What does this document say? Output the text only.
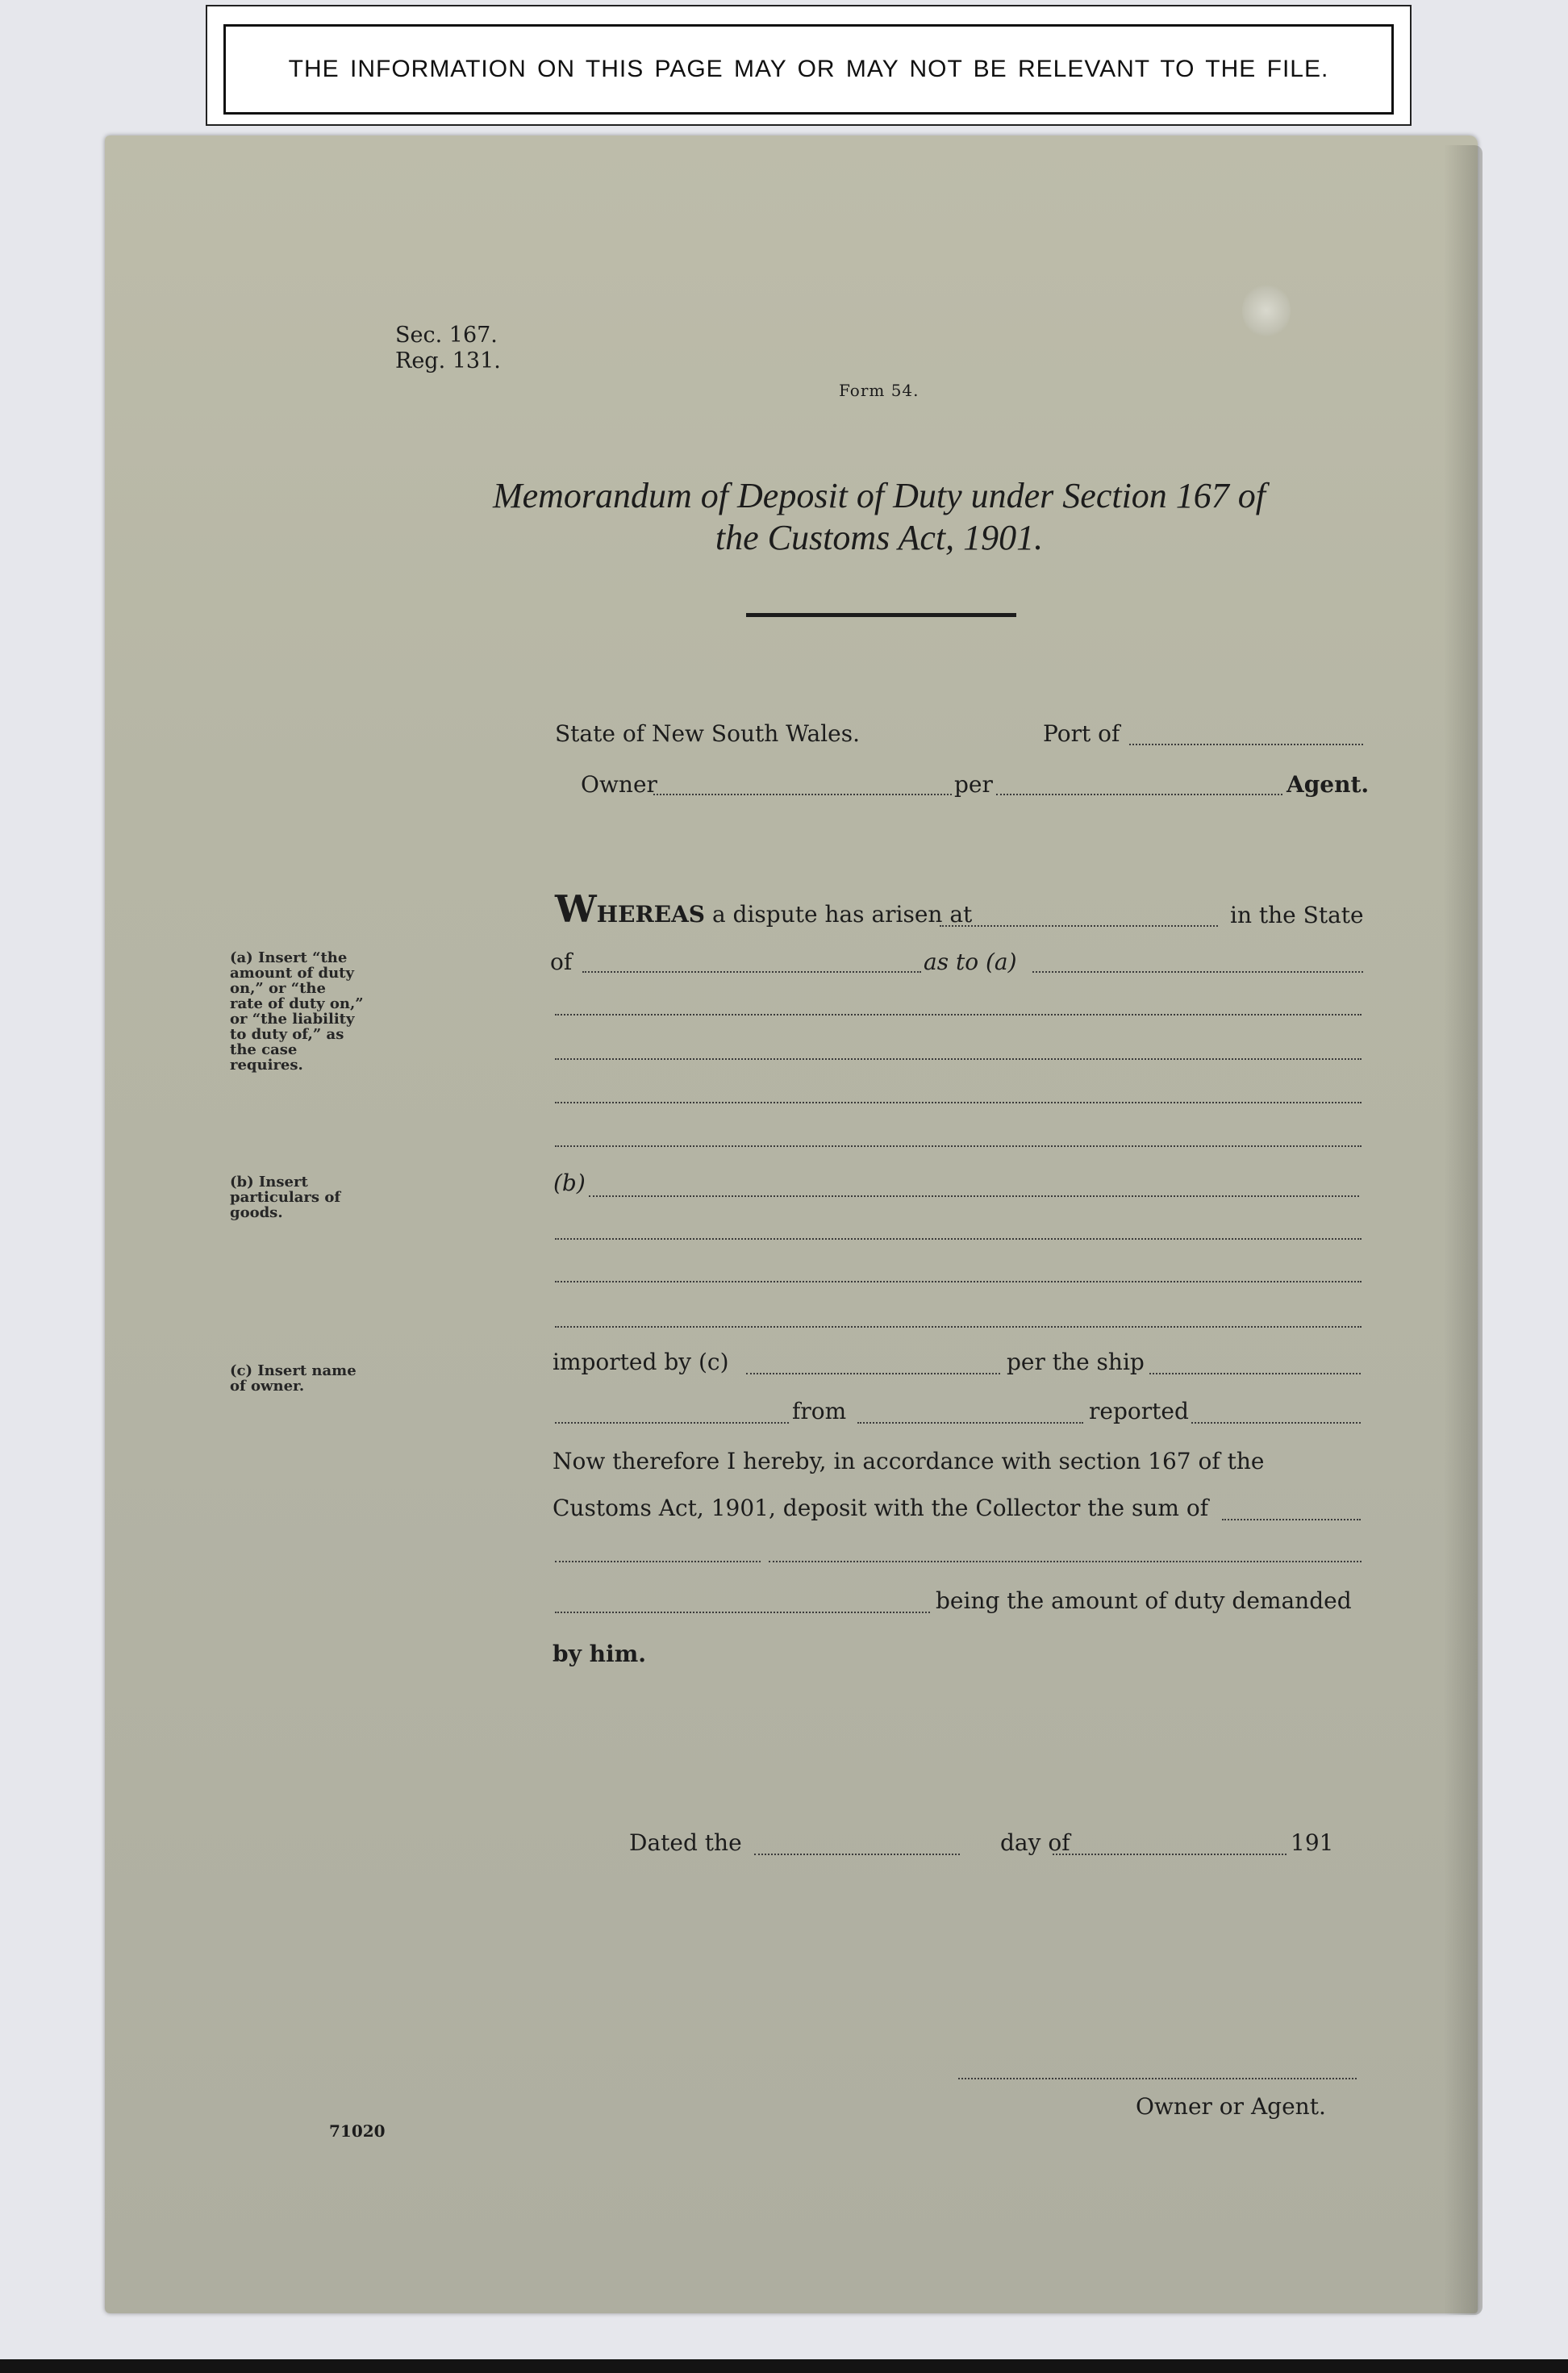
THE INFORMATION ON THIS PAGE MAY OR MAY NOT BE RELEVANT TO THE FILE.
Sec. 167.
Reg. 131.
Form 54.
Memorandum of Deposit of Duty under Section 167 of
the Customs Act, 1901.
State of New South Wales.	Port of
Owner	per	Agent.
(a) Insert “the
amount of duty
on,” or “the
rate of duty on,”
or “the liability
to duty of,” as
the case
requires.
(b) Insert
particulars of
goods.
(c) Insert name
of owner.
WHEREAS a dispute has arisen at	in the State
of	as to (a)
(b)
imported by (c)	per the ship
from	reported
Now therefore I hereby, in accordance with section 167 of the
Customs Act, 1901, deposit with the Collector the sum of
being the amount of duty demanded
by him.
Dated the	day of	191
Owner or Agent.
71020
